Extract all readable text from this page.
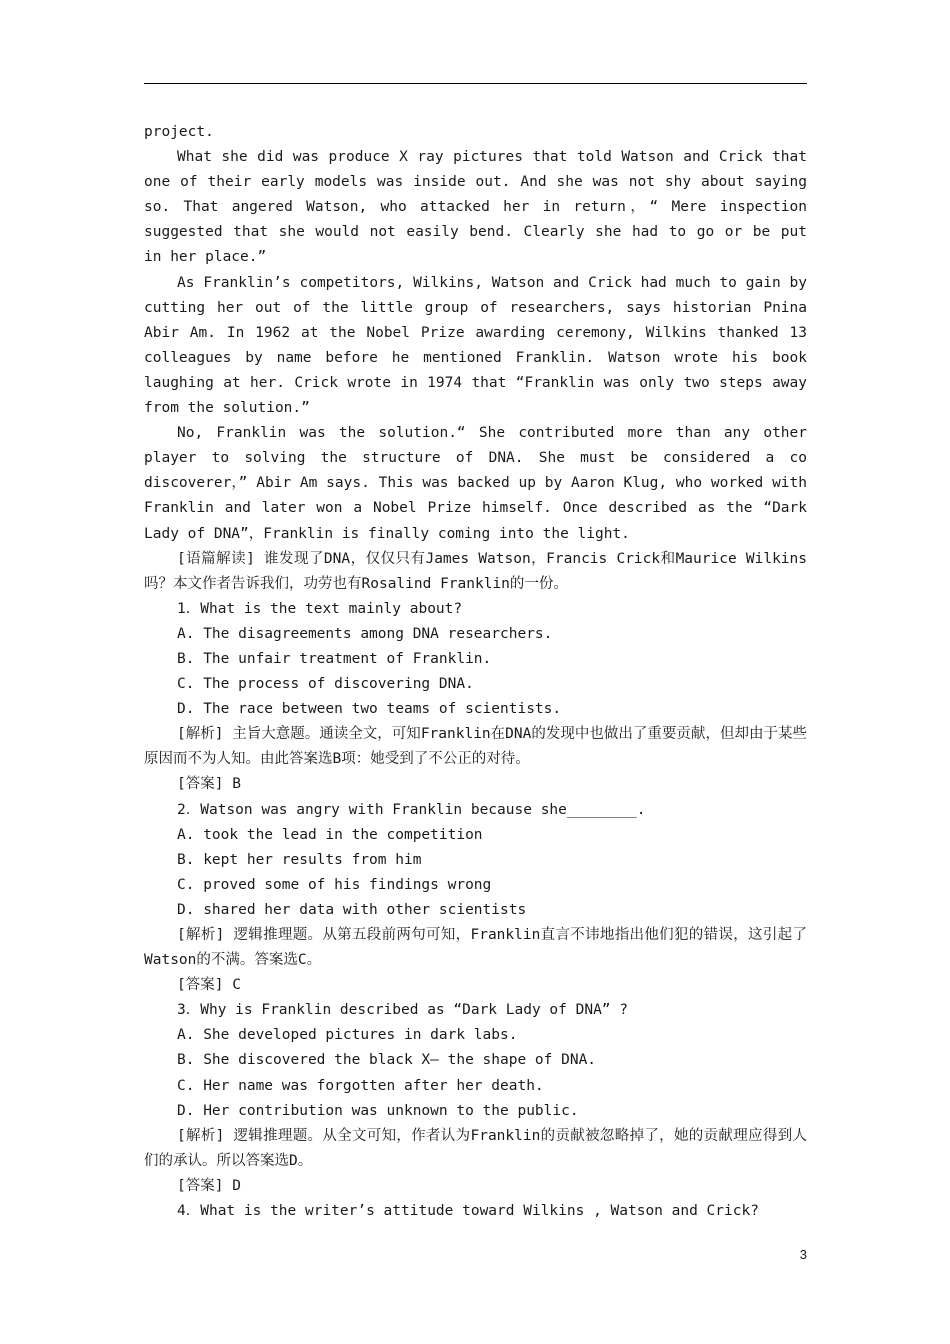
project.

What she did was produce X ray pictures that told Watson and Crick that one of their early models was inside out. And she was not shy about saying so. That angered Watson, who attacked her in return，“ Mere inspection suggested that she would not easily bend. Clearly she had to go or be put in her place.”

As Franklin’s competitors, Wilkins, Watson and Crick had much to gain by cutting her out of the little group of researchers, says historian Pnina Abir Am. In 1962 at the Nobel Prize awarding ceremony, Wilkins thanked 13 colleagues by name before he mentioned Franklin. Watson wrote his book laughing at her. Crick wrote in 1974 that “Franklin was only two steps away from the solution.”

No, Franklin was the solution.“ She contributed more than any other player to solving the structure of DNA. She must be considered a co discoverer，” Abir Am says. This was backed up by Aaron Klug, who worked with Franklin and later won a Nobel Prize himself. Once described as the “Dark Lady of DNA”，Franklin is finally coming into the light.

[语篇解读] 谁发现了DNA，仅仅只有James Watson，Francis Crick和Maurice Wilkins吗？本文作者告诉我们，功劳也有Rosalind Franklin的一份。

1．What is the text mainly about?

A. The disagreements among DNA researchers.

B. The unfair treatment of Franklin.

C. The process of discovering DNA.

D. The race between two teams of scientists.

[解析] 主旨大意题。通读全文，可知Franklin在DNA的发现中也做出了重要贡献，但却由于某些原因而不为人知。由此答案选B项：她受到了不公正的对待。

[答案] B

2．Watson was angry with Franklin because she________.

A. took the lead in the competition

B. kept her results from him

C. proved some of his findings wrong

D. shared her data with other scientists

[解析] 逻辑推理题。从第五段前两句可知，Franklin直言不讳地指出他们犯的错误，这引起了Watson的不满。答案选C。

[答案] C

3．Why is Franklin described as “Dark Lady of DNA” ?

A. She developed pictures in dark labs.

B. She discovered the black X— the shape of DNA.

C. Her name was forgotten after her death.

D. Her contribution was unknown to the public.

[解析] 逻辑推理题。从全文可知，作者认为Franklin的贡献被忽略掉了，她的贡献理应得到人们的承认。所以答案选D。

[答案] D

4．What is the writer’s attitude toward Wilkins , Watson and Crick?

3
